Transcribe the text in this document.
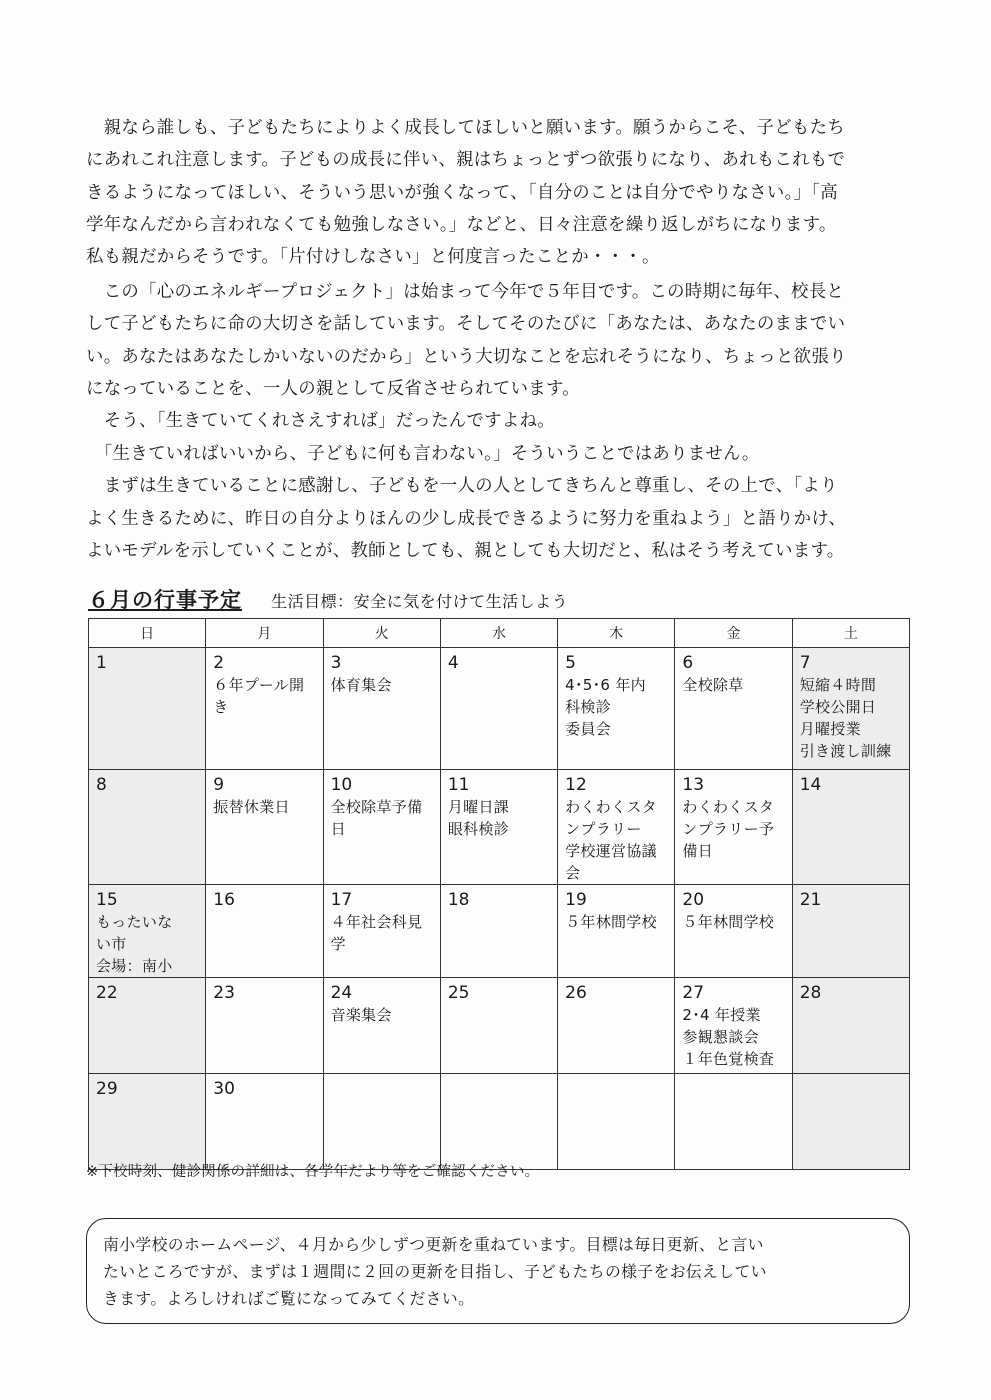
　親なら誰しも、子どもたちによりよく成長してほしいと願います。願うからこそ、子どもたち
にあれこれ注意します。子どもの成長に伴い、親はちょっとずつ欲張りになり、あれもこれもで
きるようになってほしい、そういう思いが強くなって、「自分のことは自分でやりなさい。」「高
学年なんだから言われなくても勉強しなさい。」などと、日々注意を繰り返しがちになります。
私も親だからそうです。「片付けしなさい」と何度言ったことか・・・。
　この「心のエネルギープロジェクト」は始まって今年で５年目です。この時期に毎年、校長と
して子どもたちに命の大切さを話しています。そしてそのたびに「あなたは、あなたのままでい
い。あなたはあなたしかいないのだから」という大切なことを忘れそうになり、ちょっと欲張り
になっていることを、一人の親として反省させられています。
　そう、「生きていてくれさえすれば」だったんですよね。
　「生きていればいいから、子どもに何も言わない。」そういうことではありません。
　まずは生きていることに感謝し、子どもを一人の人としてきちんと尊重し、その上で、「より
よく生きるために、昨日の自分よりほんの少し成長できるように努力を重ねよう」と語りかけ、
よいモデルを示していくことが、教師としても、親としても大切だと、私はそう考えています。
６月の行事予定 生活目標：安全に気を付けて生活しよう
日	月	火	水	木	金	土

1	2
６年プール開
き	3
体育集会	4	5
4･5･6 年内
科検診
委員会	6
全校除草	7
短縮４時間
学校公開日
月曜授業
引き渡し訓練

8	9
振替休業日	10
全校除草予備
日	11
月曜日課
眼科検診	12
わくわくスタ
ンプラリー
学校運営協議
会	13
わくわくスタ
ンプラリー予
備日	14

15
もったいな
い市
会場：南小	16	17
４年社会科見
学	18	19
５年林間学校	20
５年林間学校	21

22	23	24
音楽集会	25	26	27
2･4 年授業
参観懇談会
１年色覚検査	28

29	30					

※下校時刻、健診関係の詳細は、各学年だより等をご確認ください。
南小学校のホームページ、４月から少しずつ更新を重ねています。目標は毎日更新、と言い
たいところですが、まずは１週間に２回の更新を目指し、子どもたちの様子をお伝えしてい
きます。よろしければご覧になってみてください。
